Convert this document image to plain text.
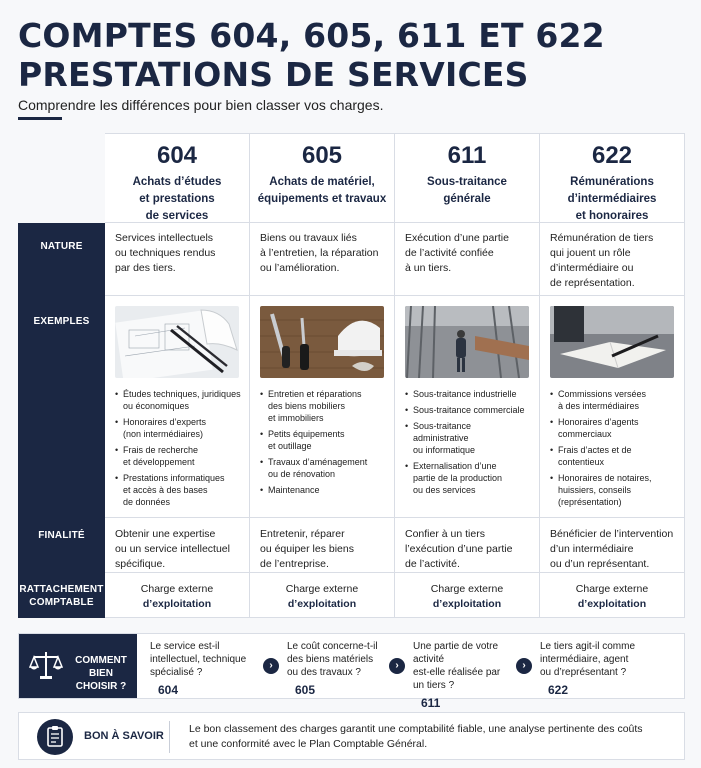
COMPTES 604, 605, 611 ET 622
PRESTATIONS DE SERVICES
Comprendre les différences pour bien classer vos charges.
NATURE
EXEMPLES
FINALITÉ
RATTACHEMENT
COMPTABLE
604
Achats d’études
et prestations
de services
Services intellectuels
ou techniques rendus
par des tiers.
• Études techniques, juridiques
ou économiques
• Honoraires d’experts
(non intermédiaires)
• Frais de recherche
et développement
• Prestations informatiques
et accès à des bases
de données
Obtenir une expertise
ou un service intellectuel
spécifique.
Charge externe
d’exploitation
605
Achats de matériel,
équipements et travaux
Biens ou travaux liés
à l’entretien, la réparation
ou l’amélioration.
• Entretien et réparations
des biens mobiliers
et immobiliers
• Petits équipements
et outillage
• Travaux d’aménagement
ou de rénovation
• Maintenance
Entretenir, réparer
ou équiper les biens
de l’entreprise.
Charge externe
d’exploitation
611
Sous-traitance
générale
Exécution d’une partie
de l’activité confiée
à un tiers.
• Sous-traitance industrielle
• Sous-traitance commerciale
• Sous-traitance
administrative
ou informatique
• Externalisation d’une
partie de la production
ou des services
Confier à un tiers
l’exécution d’une partie
de l’activité.
Charge externe
d’exploitation
622
Rémunérations
d’intermédiaires
et honoraires
Rémunération de tiers
qui jouent un rôle
d’intermédiaire ou
de représentation.
• Commissions versées
à des intermédiaires
• Honoraires d’agents
commerciaux
• Frais d’actes et de
contentieux
• Honoraires de notaires,
huissiers, conseils
(représentation)
Bénéficier de l’intervention
d’un intermédiaire
ou d’un représentant.
Charge externe
d’exploitation
COMMENT
BIEN CHOISIR ?
Le service est-il
intellectuel, technique
spécialisé ?
604
Le coût concerne-t-il
des biens matériels
ou des travaux ?
605
›
Une partie de votre activité
est-elle réalisée par
un tiers ?
611
›
Le tiers agit-il comme
intermédiaire, agent
ou d’représentant ?
622
›
BON À SAVOIR
Le bon classement des charges garantit une comptabilité fiable, une analyse pertinente des coûts
et une conformité avec le Plan Comptable Général.
